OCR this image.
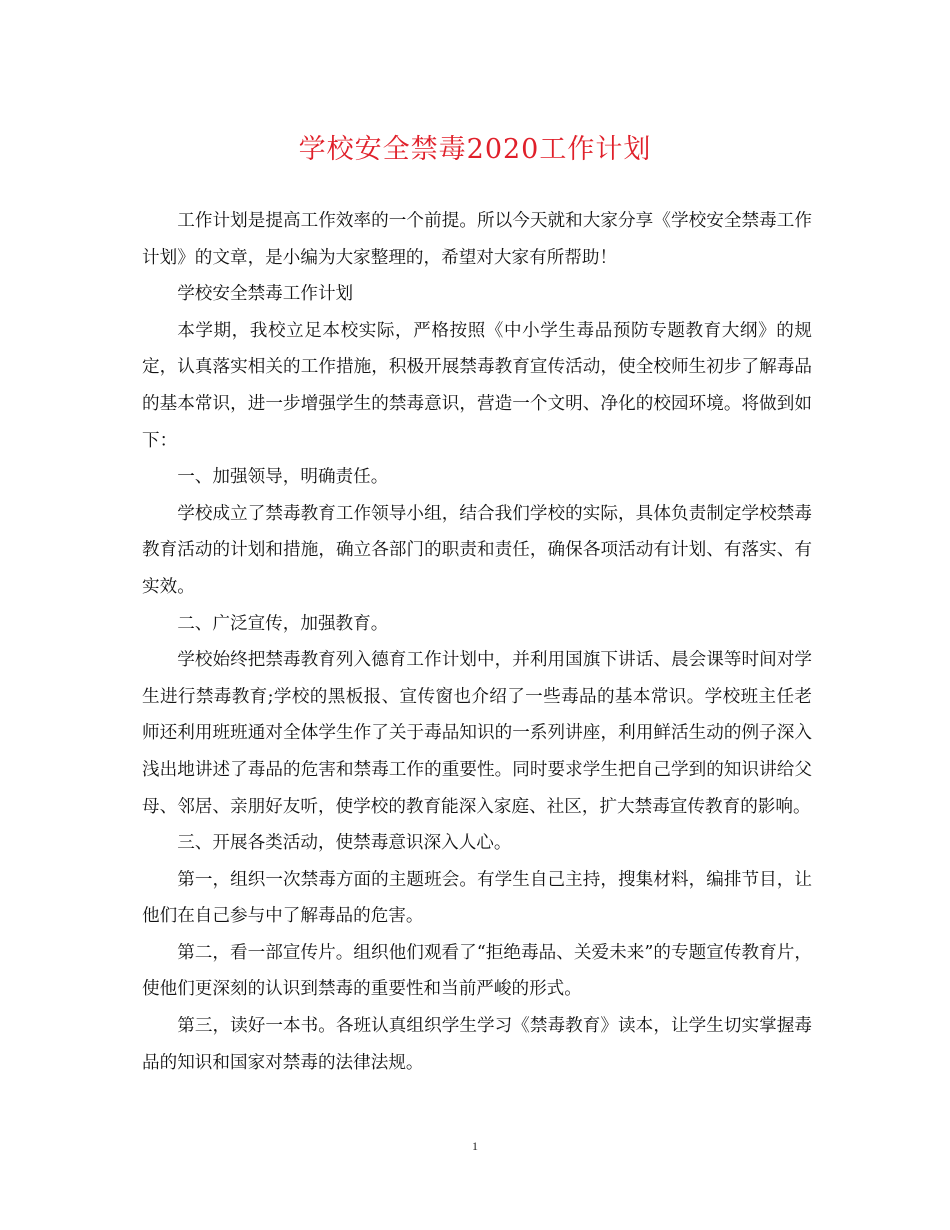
学校安全禁毒2020工作计划

工作计划是提高工作效率的一个前提。所以今天就和大家分享《学校安全禁毒工作计划》的文章，是小编为大家整理的，希望对大家有所帮助！

学校安全禁毒工作计划

本学期，我校立足本校实际，严格按照《中小学生毒品预防专题教育大纲》的规定，认真落实相关的工作措施，积极开展禁毒教育宣传活动，使全校师生初步了解毒品的基本常识，进一步增强学生的禁毒意识，营造一个文明、净化的校园环境。将做到如下：

一、加强领导，明确责任。

学校成立了禁毒教育工作领导小组，结合我们学校的实际，具体负责制定学校禁毒教育活动的计划和措施，确立各部门的职责和责任，确保各项活动有计划、有落实、有实效。

二、广泛宣传，加强教育。

学校始终把禁毒教育列入德育工作计划中，并利用国旗下讲话、晨会课等时间对学生进行禁毒教育;学校的黑板报、宣传窗也介绍了一些毒品的基本常识。学校班主任老师还利用班班通对全体学生作了关于毒品知识的一系列讲座，利用鲜活生动的例子深入浅出地讲述了毒品的危害和禁毒工作的重要性。同时要求学生把自己学到的知识讲给父母、邻居、亲朋好友听，使学校的教育能深入家庭、社区，扩大禁毒宣传教育的影响。

三、开展各类活动，使禁毒意识深入人心。

第一，组织一次禁毒方面的主题班会。有学生自己主持，搜集材料，编排节目，让他们在自己参与中了解毒品的危害。

第二，看一部宣传片。组织他们观看了“拒绝毒品、关爱未来”的专题宣传教育片，使他们更深刻的认识到禁毒的重要性和当前严峻的形式。

第三，读好一本书。各班认真组织学生学习《禁毒教育》读本，让学生切实掌握毒品的知识和国家对禁毒的法律法规。

1
